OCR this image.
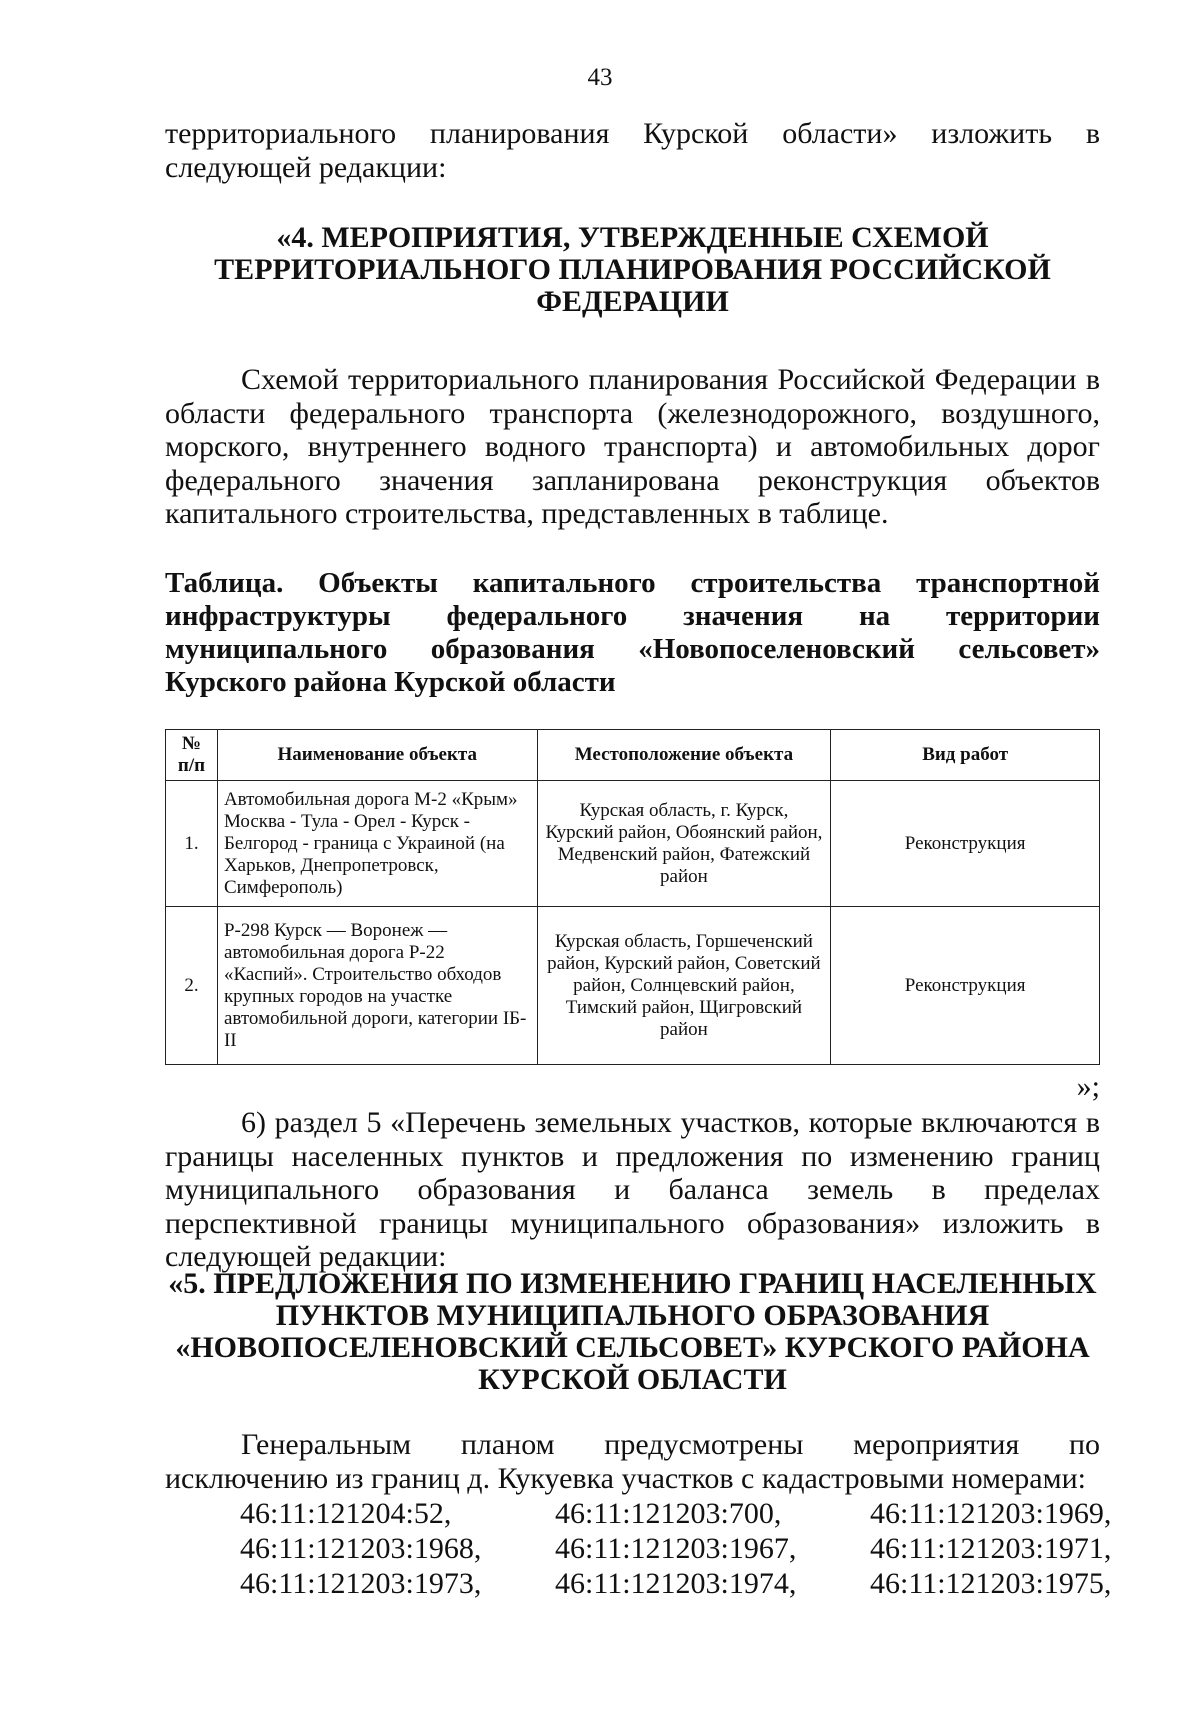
43
территориального планирования Курской области» изложить в следующей редакции:
«4. МЕРОПРИЯТИЯ, УТВЕРЖДЕННЫЕ СХЕМОЙ ТЕРРИТОРИАЛЬНОГО ПЛАНИРОВАНИЯ РОССИЙСКОЙ ФЕДЕРАЦИИ
Схемой территориального планирования Российской Федерации в области федерального транспорта (железнодорожного, воздушного, морского, внутреннего водного транспорта) и автомобильных дорог федерального значения запланирована реконструкция объектов капитального строительства, представленных в таблице.
Таблица. Объекты капитального строительства транспортной инфраструктуры федерального значения на территории муниципального образования «Новопоселеновский сельсовет»
Курского района Курской области
№ п/п	Наименование объекта	Местоположение объекта	Вид работ
1.	Автомобильная дорога М-2 «Крым» Москва - Тула - Орел - Курск - Белгород - граница с Украиной (на Харьков, Днепропетровск, Симферополь)	Курская область, г. Курск, Курский район, Обоянский район, Медвенский район, Фатежский район	Реконструкция
2.	Р-298 Курск — Воронеж — автомобильная дорога Р-22 «Каспий». Строительство обходов крупных городов на участке автомобильной дороги, категории IБ-II	Курская область, Горшеченский район, Курский район, Советский район, Солнцевский район, Тимский район, Щигровский район	Реконструкция
»;
6) раздел 5 «Перечень земельных участков, которые включаются в границы населенных пунктов и предложения по изменению границ муниципального образования и баланса земель в пределах перспективной границы муниципального образования» изложить в следующей редакции:
«5. ПРЕДЛОЖЕНИЯ ПО ИЗМЕНЕНИЮ ГРАНИЦ НАСЕЛЕННЫХ ПУНКТОВ МУНИЦИПАЛЬНОГО ОБРАЗОВАНИЯ «НОВОПОСЕЛЕНОВСКИЙ СЕЛЬСОВЕТ» КУРСКОГО РАЙОНА КУРСКОЙ ОБЛАСТИ
Генеральным планом предусмотрены мероприятия по исключению из границ д. Кукуевка участков с кадастровыми номерами:
46:11:121204:52,	46:11:121203:700,	46:11:121203:1969,
46:11:121203:1968,	46:11:121203:1967,	46:11:121203:1971,
46:11:121203:1973,	46:11:121203:1974,	46:11:121203:1975,
